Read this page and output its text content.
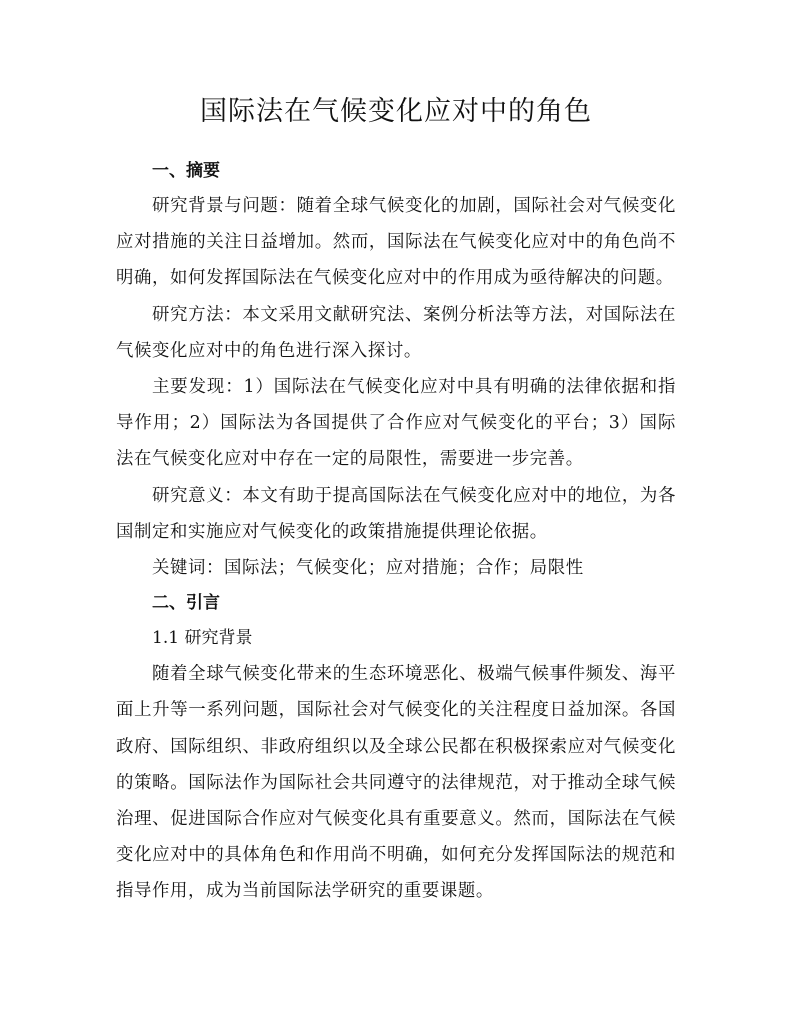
国际法在气候变化应对中的角色
一、摘要

研究背景与问题：随着全球气候变化的加剧，国际社会对气候变化应对措施的关注日益增加。然而，国际法在气候变化应对中的角色尚不明确，如何发挥国际法在气候变化应对中的作用成为亟待解决的问题。

研究方法：本文采用文献研究法、案例分析法等方法，对国际法在气候变化应对中的角色进行深入探讨。

主要发现：1）国际法在气候变化应对中具有明确的法律依据和指导作用；2）国际法为各国提供了合作应对气候变化的平台；3）国际法在气候变化应对中存在一定的局限性，需要进一步完善。

研究意义：本文有助于提高国际法在气候变化应对中的地位，为各国制定和实施应对气候变化的政策措施提供理论依据。

关键词：国际法；气候变化；应对措施；合作；局限性

二、引言

1.1 研究背景

随着全球气候变化带来的生态环境恶化、极端气候事件频发、海平面上升等一系列问题，国际社会对气候变化的关注程度日益加深。各国政府、国际组织、非政府组织以及全球公民都在积极探索应对气候变化的策略。国际法作为国际社会共同遵守的法律规范，对于推动全球气候治理、促进国际合作应对气候变化具有重要意义。然而，国际法在气候变化应对中的具体角色和作用尚不明确，如何充分发挥国际法的规范和指导作用，成为当前国际法学研究的重要课题。
